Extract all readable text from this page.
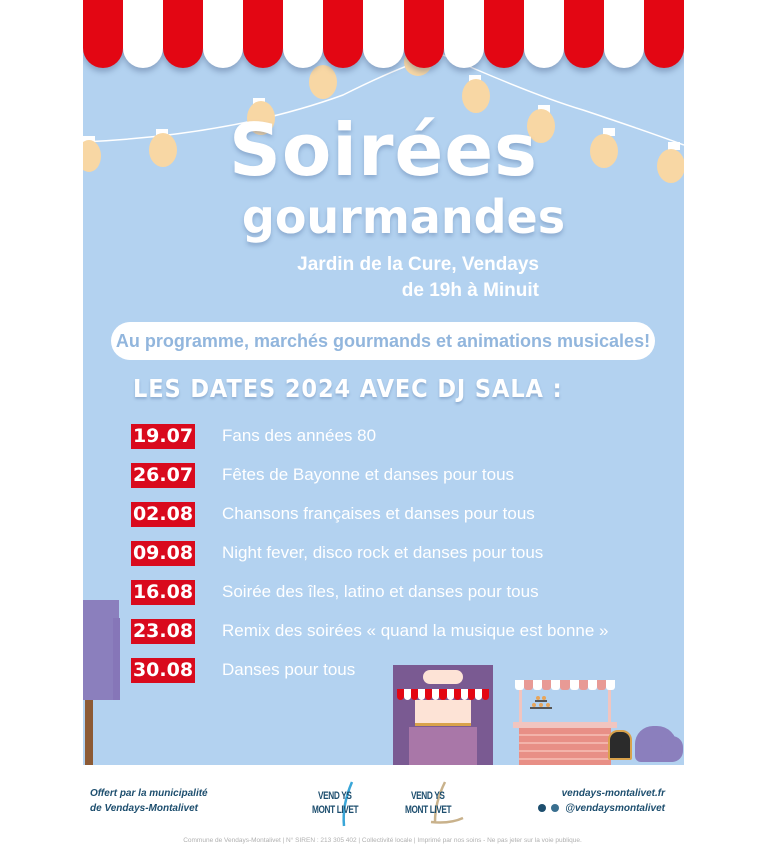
Soirées
gourmandes
Jardin de la Cure, Vendays
de 19h à Minuit
Au programme, marchés gourmands et animations musicales!
LES DATES 2024 AVEC DJ SALA :
19.07 Fans des années 80
26.07 Fêtes de Bayonne et danses pour tous
02.08 Chansons françaises et danses pour tous
09.08 Night fever, disco rock et danses pour tous
16.08 Soirée des îles, latino et danses pour tous
23.08 Remix des soirées « quand la musique est bonne »
30.08 Danses pour tous
Offert par la municipalité
de Vendays-Montalivet
VEND YS
MONT LIVET
VEND YS
MONT LIVET
vendays-montalivet.fr
@vendaysmontalivet
Commune de Vendays-Montalivet | N° SIREN : 213 305 402 | Collectivité locale | Imprimé par nos soins - Ne pas jeter sur la voie publique.
